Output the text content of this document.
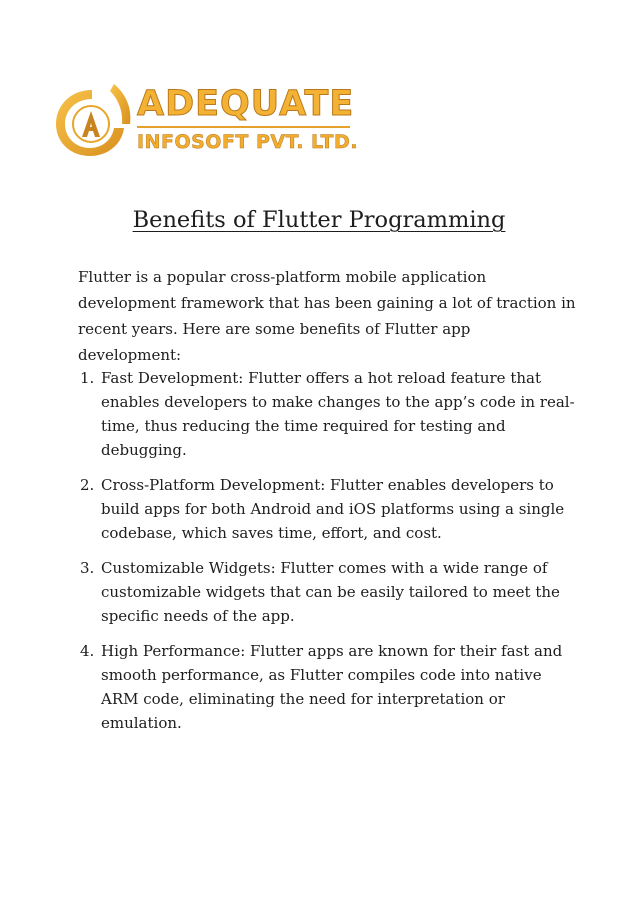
ADEQUATE
INFOSOFT PVT. LTD.
Benefits of Flutter Programming

Flutter is a popular cross-platform mobile application development framework that has been gaining a lot of traction in recent years. Here are some benefits of Flutter app development:

1. Fast Development: Flutter offers a hot reload feature that enables developers to make changes to the app’s code in real-time, thus reducing the time required for testing and debugging.
2. Cross-Platform Development: Flutter enables developers to build apps for both Android and iOS platforms using a single codebase, which saves time, effort, and cost.
3. Customizable Widgets: Flutter comes with a wide range of customizable widgets that can be easily tailored to meet the specific needs of the app.
4. High Performance: Flutter apps are known for their fast and smooth performance, as Flutter compiles code into native ARM code, eliminating the need for interpretation or emulation.
